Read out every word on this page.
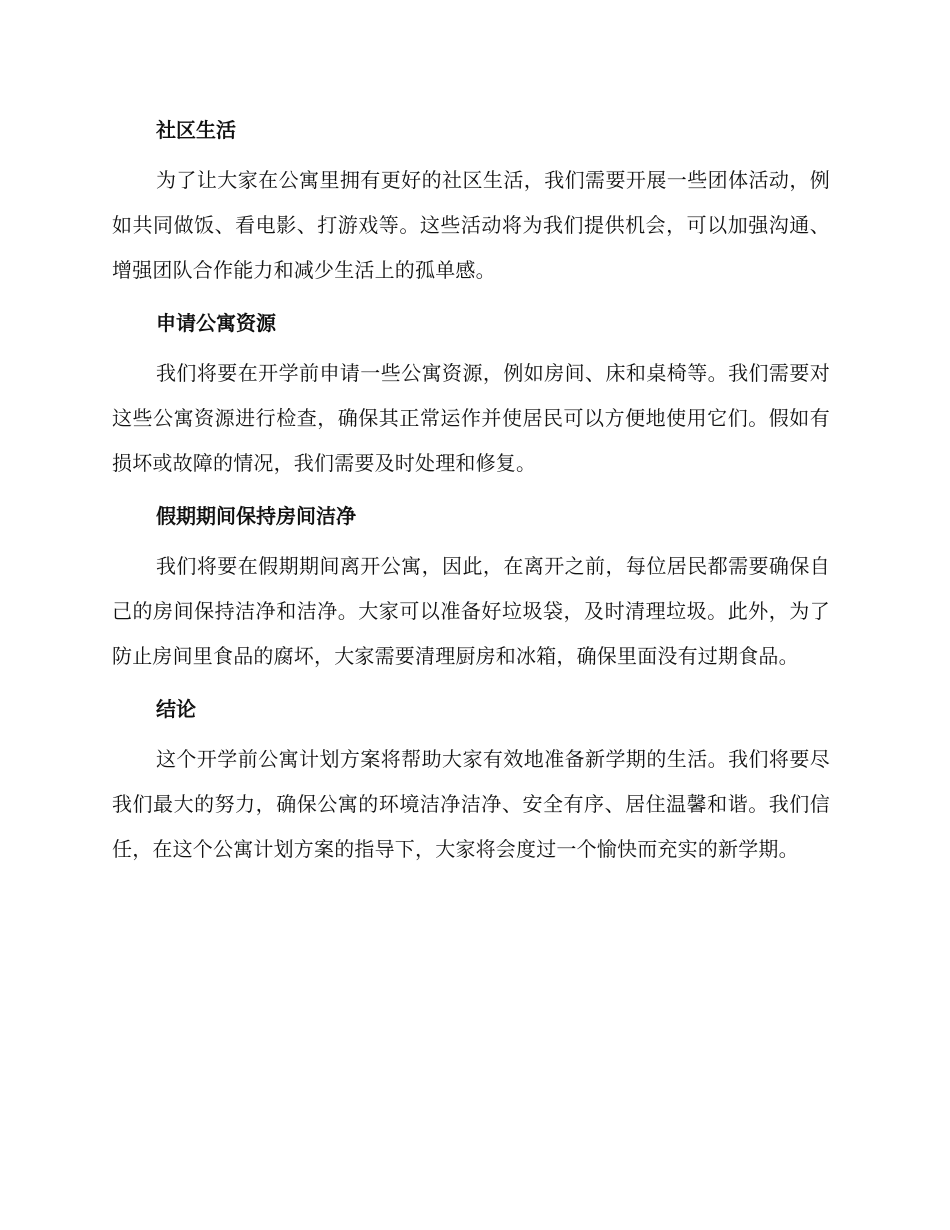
社区生活

为了让大家在公寓里拥有更好的社区生活，我们需要开展一些团体活动，例如共同做饭、看电影、打游戏等。这些活动将为我们提供机会，可以加强沟通、增强团队合作能力和减少生活上的孤单感。

申请公寓资源

我们将要在开学前申请一些公寓资源，例如房间、床和桌椅等。我们需要对这些公寓资源进行检查，确保其正常运作并使居民可以方便地使用它们。假如有损坏或故障的情况，我们需要及时处理和修复。

假期期间保持房间洁净

我们将要在假期期间离开公寓，因此，在离开之前，每位居民都需要确保自己的房间保持洁净和洁净。大家可以准备好垃圾袋，及时清理垃圾。此外，为了防止房间里食品的腐坏，大家需要清理厨房和冰箱，确保里面没有过期食品。

结论

这个开学前公寓计划方案将帮助大家有效地准备新学期的生活。我们将要尽我们最大的努力，确保公寓的环境洁净洁净、安全有序、居住温馨和谐。我们信任，在这个公寓计划方案的指导下，大家将会度过一个愉快而充实的新学期。
